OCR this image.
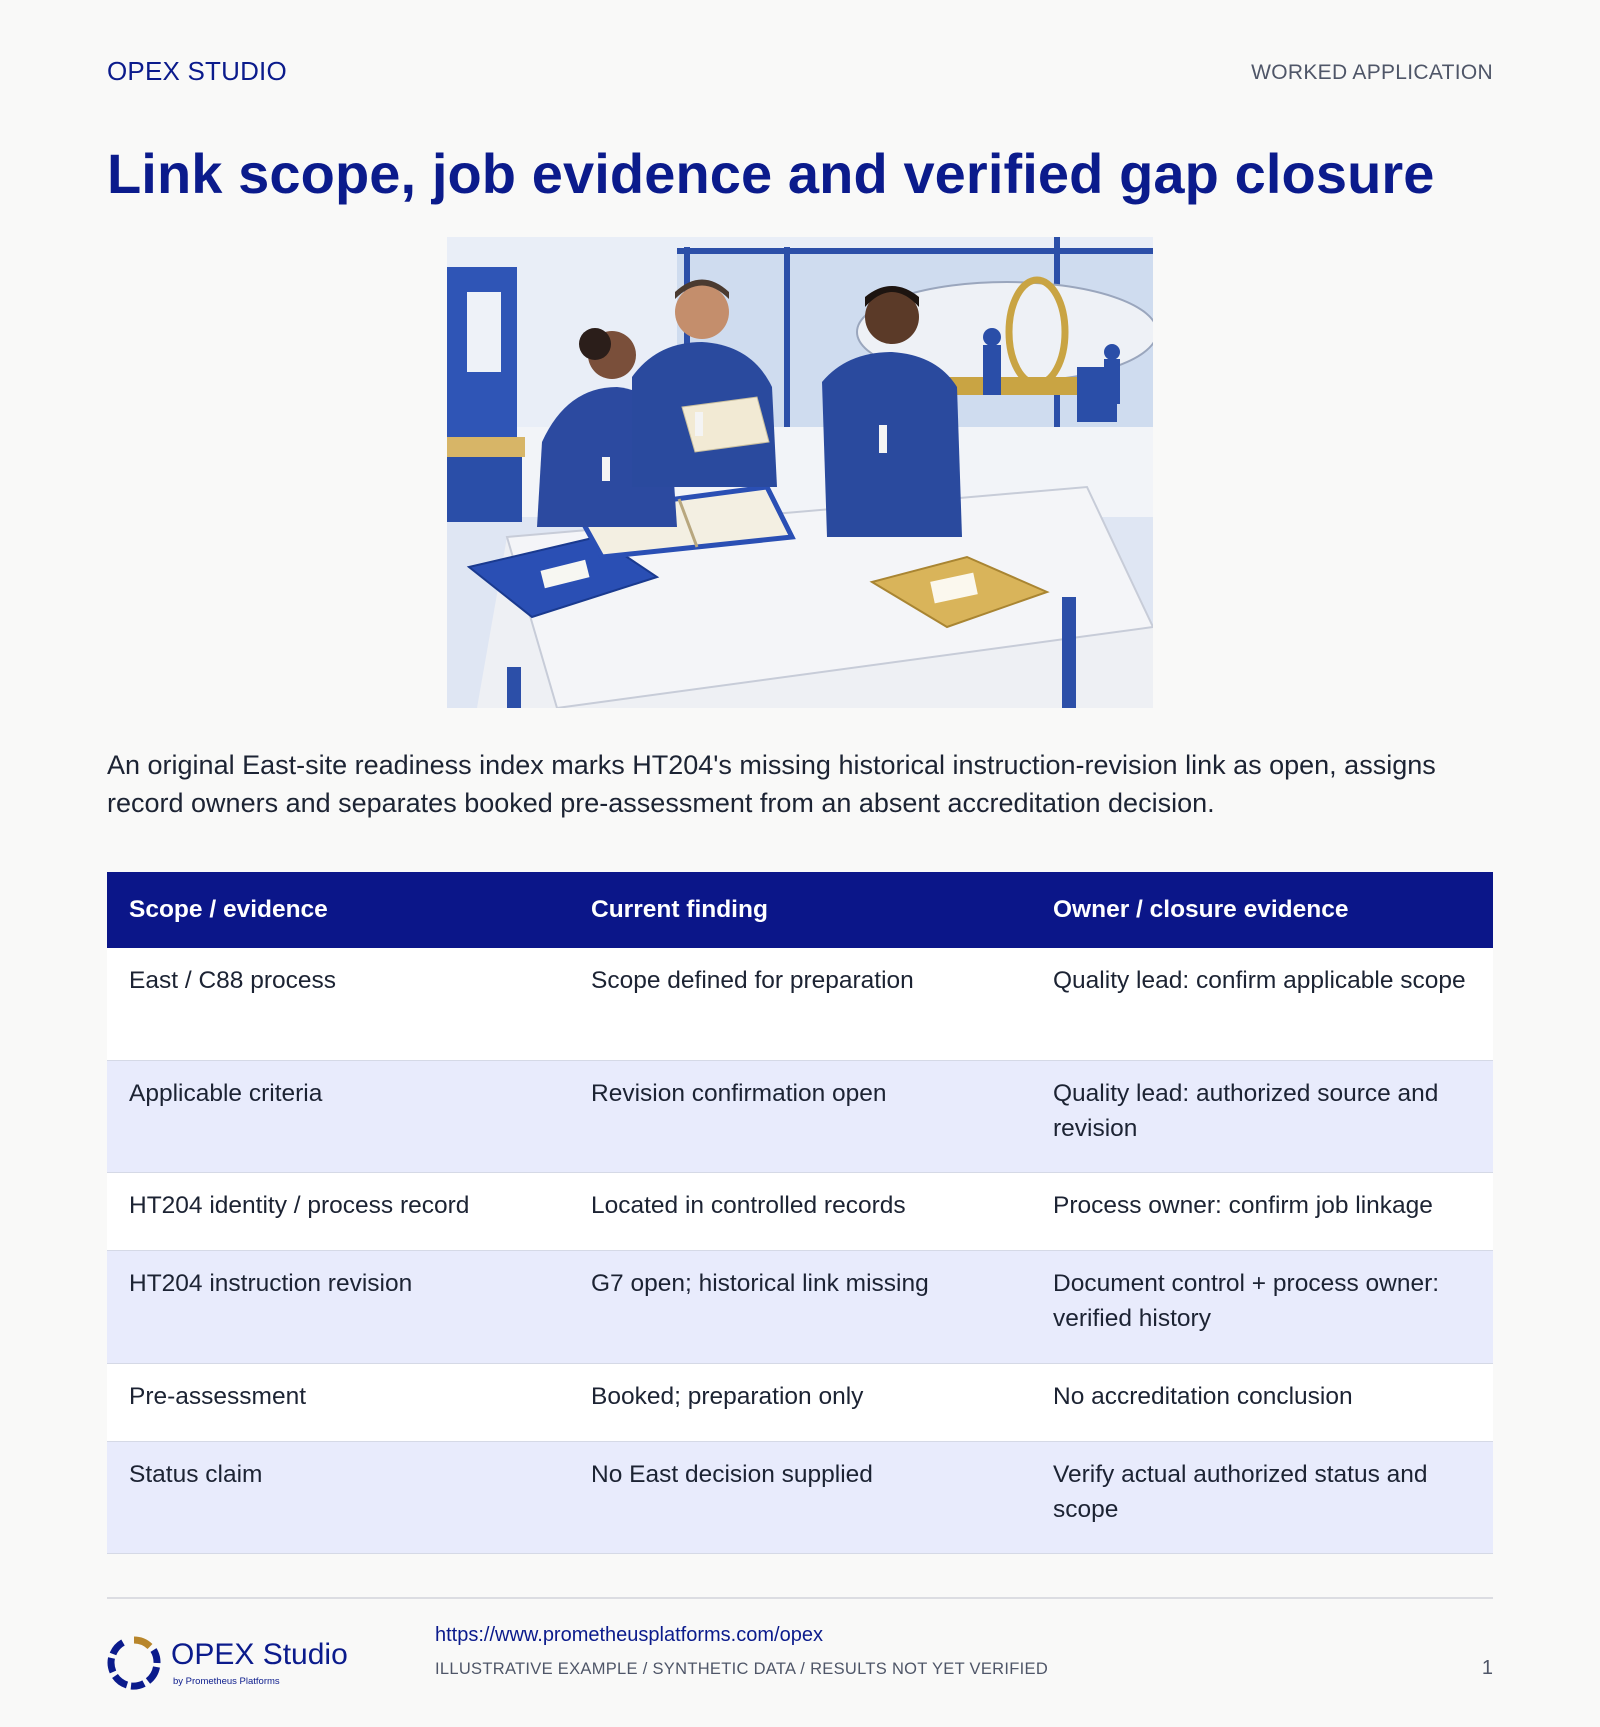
OPEX STUDIO	WORKED APPLICATION
Link scope, job evidence and verified gap closure

An original East-site readiness index marks HT204's missing historical instruction-revision link as open, assigns record owners and separates booked pre-assessment from an absent accreditation decision.

Scope / evidence	Current finding	Owner / closure evidence
East / C88 process	Scope defined for preparation	Quality lead: confirm applicable scope
Applicable criteria	Revision confirmation open	Quality lead: authorized source and revision
HT204 identity / process record	Located in controlled records	Process owner: confirm job linkage
HT204 instruction revision	G7 open; historical link missing	Document control + process owner: verified history
Pre-assessment	Booked; preparation only	No accreditation conclusion
Status claim	No East decision supplied	Verify actual authorized status and scope
OPEX Studio
by Prometheus Platforms
https://www.prometheusplatforms.com/opex
ILLUSTRATIVE EXAMPLE / SYNTHETIC DATA / RESULTS NOT YET VERIFIED	1
